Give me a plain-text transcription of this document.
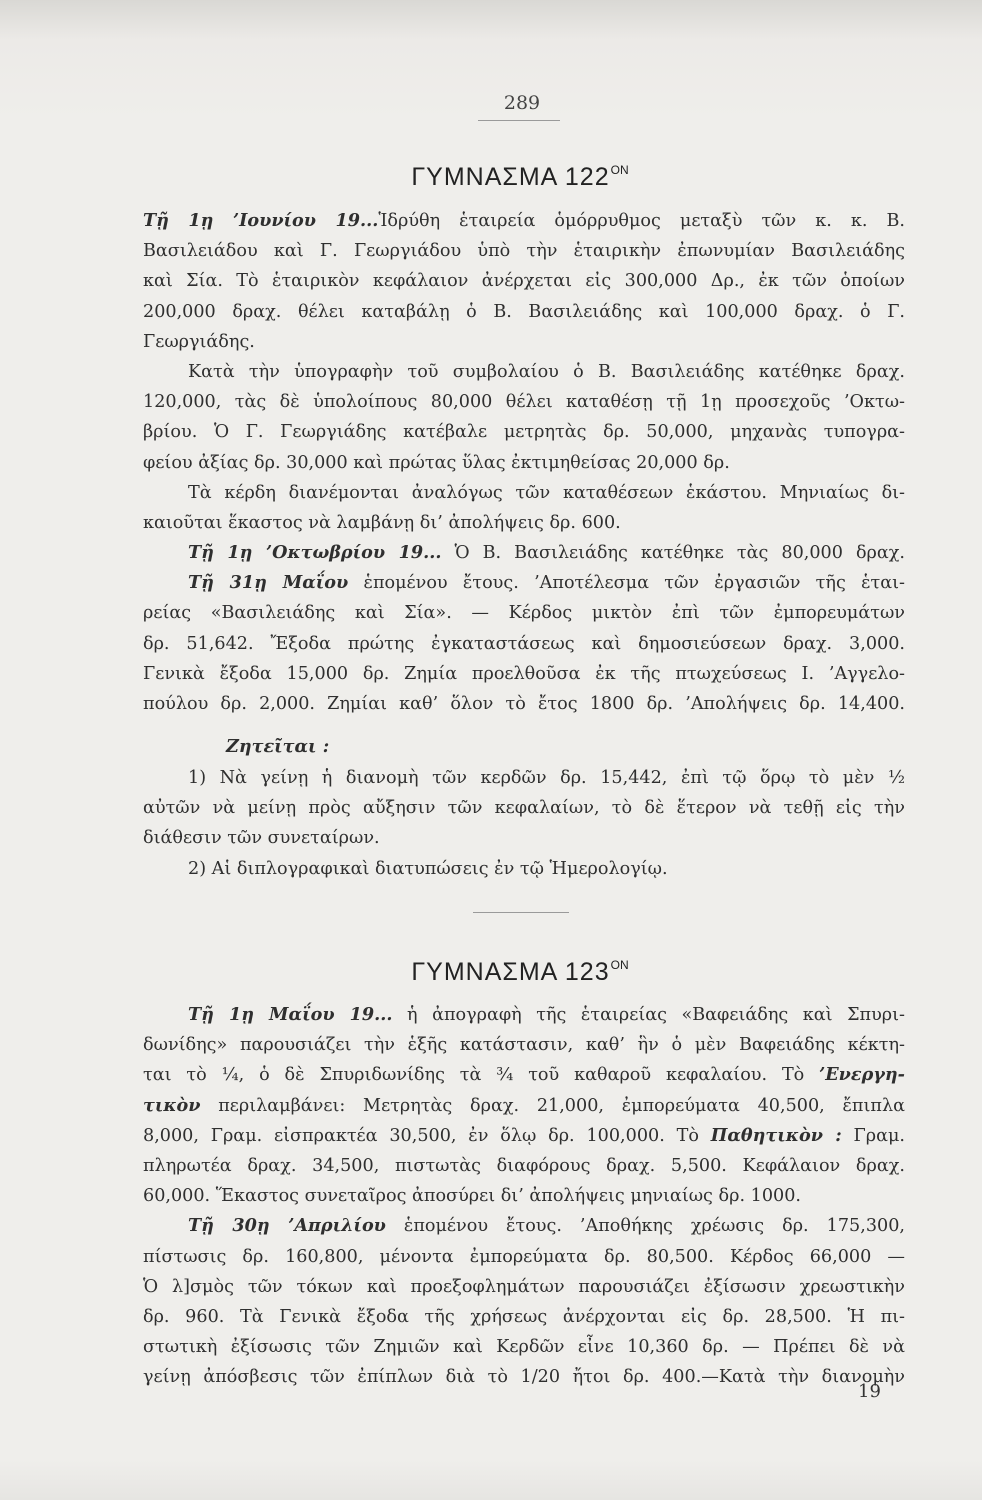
289
ΓΥΜΝΑΣΜΑ $122^{ON}$
Τῇ 1ῃ ’Ιουνίου 19...Ἱδρύθη ἑταιρεία ὁμόρρυθμος μεταξὺ τῶν κ. κ. Β.
Βασιλειάδου καὶ Γ. Γεωργιάδου ὑπὸ τὴν ἑταιρικὴν ἐπωνυμίαν Βασιλειάδης
καὶ Σία. Τὸ ἑταιρικὸν κεφάλαιον ἀνέρχεται εἰς 300,000 Δρ., ἐκ τῶν ὁποίων
200,000 δραχ. θέλει καταβάλῃ ὁ Β. Βασιλειάδης καὶ 100,000 δραχ. ὁ Γ.
Γεωργιάδης.
Κατὰ τὴν ὑπογραφὴν τοῦ συμβολαίου ὁ Β. Βασιλειάδης κατέθηκε δραχ.
120,000, τὰς δὲ ὑπολοίπους 80,000 θέλει καταθέσῃ τῇ 1ῃ προσεχοῦς ’Οκτω-
βρίου. Ὁ Γ. Γεωργιάδης κατέβαλε μετρητὰς δρ. 50,000, μηχανὰς τυπογρα-
φείου ἀξίας δρ. 30,000 καὶ πρώτας ὕλας ἐκτιμηθείσας 20,000 δρ.
Τὰ κέρδη διανέμονται ἀναλόγως τῶν καταθέσεων ἑκάστου. Μηνιαίως δι-
καιοῦται ἕκαστος νὰ λαμβάνῃ δι’ ἀπολήψεις δρ. 600.
Τῇ 1ῃ ’Οκτωβρίου 19... Ὁ Β. Βασιλειάδης κατέθηκε τὰς 80,000 δραχ.
Τῇ 31ῃ Μαΐου ἑπομένου ἔτους. ’Αποτέλεσμα τῶν ἐργασιῶν τῆς ἑται-
ρείας «Βασιλειάδης καὶ Σία». — Κέρδος μικτὸν ἐπὶ τῶν ἐμπορευμάτων
δρ. 51,642. Ἔξοδα πρώτης ἐγκαταστάσεως καὶ δημοσιεύσεων δραχ. 3,000.
Γενικὰ ἔξοδα 15,000 δρ. Ζημία προελθοῦσα ἐκ τῆς πτωχεύσεως Ι. ’Αγγελο-
πούλου δρ. 2,000. Ζημίαι καθ’ ὅλον τὸ ἔτος 1800 δρ. ’Απολήψεις δρ. 14,400.
Ζητεῖται :
1) Νὰ γείνῃ ἡ διανομὴ τῶν κερδῶν δρ. 15,442, ἐπὶ τῷ ὅρῳ τὸ μὲν ½
αὐτῶν νὰ μείνῃ πρὸς αὔξησιν τῶν κεφαλαίων, τὸ δὲ ἕτερον νὰ τεθῇ εἰς τὴν
διάθεσιν τῶν συνεταίρων.
2) Αἱ διπλογραφικαὶ διατυπώσεις ἐν τῷ Ἡμερολογίῳ.
ΓΥΜΝΑΣΜΑ $123^{ON}$
Τῇ 1ῃ Μαΐου 19... ἡ ἀπογραφὴ τῆς ἑταιρείας «Βαφειάδης καὶ Σπυρι-
δωνίδης» παρουσιάζει τὴν ἑξῆς κατάστασιν, καθ’ ἣν ὁ μὲν Βαφειάδης κέκτη-
ται τὸ ¼, ὁ δὲ Σπυριδωνίδης τὰ ¾ τοῦ καθαροῦ κεφαλαίου. Τὸ ’Ενεργη-
τικὸν περιλαμβάνει: Μετρητὰς δραχ. 21,000, ἐμπορεύματα 40,500, ἔπιπλα
8,000, Γραμ. εἰσπρακτέα 30,500, ἐν ὅλῳ δρ. 100,000. Τὸ Παθητικὸν : Γραμ.
πληρωτέα δραχ. 34,500, πιστωτὰς διαφόρους δραχ. 5,500. Κεφάλαιον δραχ.
60,000. Ἕκαστος συνεταῖρος ἀποσύρει δι’ ἀπολήψεις μηνιαίως δρ. 1000.
Τῇ 30ῃ ’Απριλίου ἑπομένου ἔτους. ’Αποθήκης χρέωσις δρ. 175,300,
πίστωσις δρ. 160,800, μένοντα ἐμπορεύματα δρ. 80,500. Κέρδος 66,000 —
Ὁ λ]σμὸς τῶν τόκων καὶ προεξοφλημάτων παρουσιάζει ἐξίσωσιν χρεωστικὴν
δρ. 960. Τὰ Γενικὰ ἔξοδα τῆς χρήσεως ἀνέρχονται εἰς δρ. 28,500. Ἡ πι-
στωτικὴ ἐξίσωσις τῶν Ζημιῶν καὶ Κερδῶν εἶνε 10,360 δρ. — Πρέπει δὲ νὰ
γείνῃ ἀπόσβεσις τῶν ἐπίπλων διὰ τὸ 1/20 ἤτοι δρ. 400.—Κατὰ τὴν διανομὴν
19
